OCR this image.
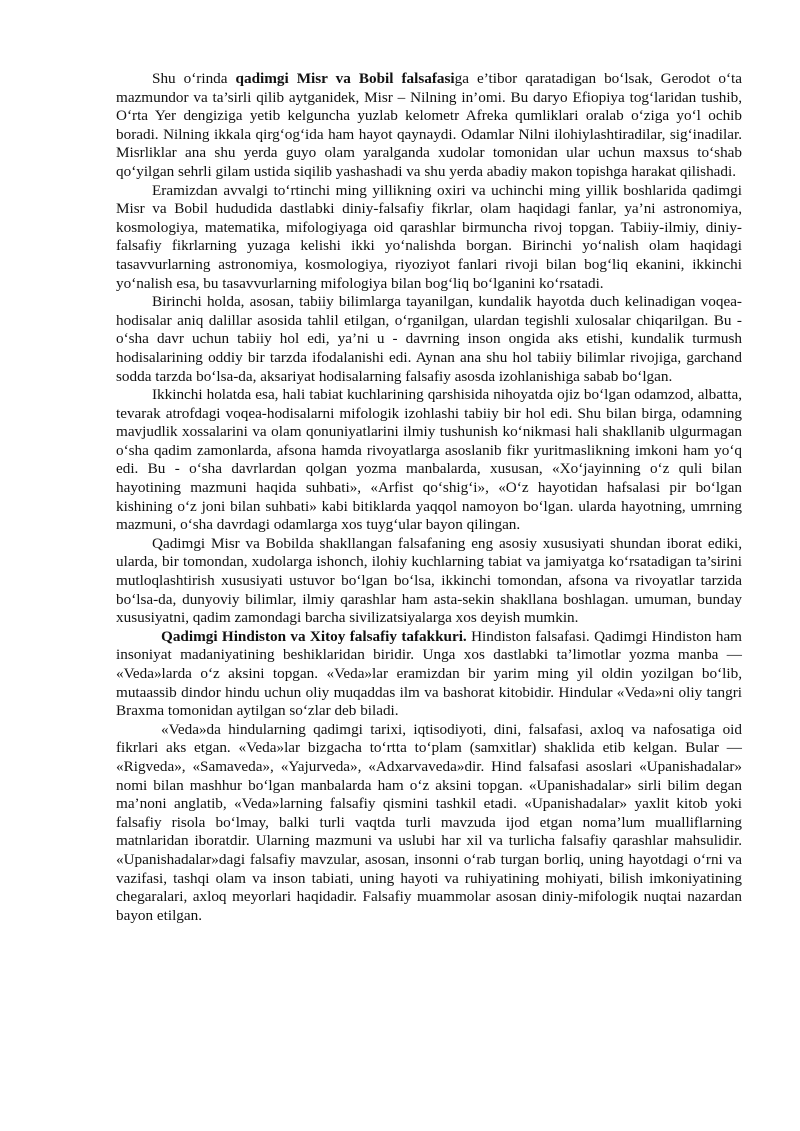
Shu o‘rinda qadimgi Misr va Bobil falsafasiga e’tibor qaratadigan bo‘lsak, Gerodot o‘ta mazmundor va ta’sirli qilib aytganidek, Misr – Nilning in’omi. Bu daryo Efiopiya tog‘laridan tushib, O‘rta Yer dengiziga yetib kelguncha yuzlab kelometr Afreka qumliklari oralab o‘ziga yo‘l ochib boradi. Nilning ikkala qirg‘og‘ida ham hayot qaynaydi. Odamlar Nilni ilohiylashtiradilar, sig‘inadilar. Misrliklar ana shu yerda guyo olam yaralganda xudolar tomonidan ular uchun maxsus to‘shab qo‘yilgan sehrli gilam ustida siqilib yashashadi va shu yerda abadiy makon topishga harakat qilishadi.

Eramizdan avvalgi to‘rtinchi ming yillikning oxiri va uchinchi ming yillik boshlarida qadimgi Misr va Bobil hududida dastlabki diniy-falsafiy fikrlar, olam haqidagi fanlar, ya’ni astronomiya, kosmologiya, matematika, mifologiyaga oid qarashlar birmuncha rivoj topgan. Tabiiy-ilmiy, diniy-falsafiy fikrlarning yuzaga kelishi ikki yo‘nalishda borgan. Birinchi yo‘nalish olam haqidagi tasavvurlarning astronomiya, kosmologiya, riyoziyot fanlari rivoji bilan bog‘liq ekanini, ikkinchi yo‘nalish esa, bu tasavvurlarning mifologiya bilan bog‘liq bo‘lganini ko‘rsatadi.

Birinchi holda, asosan, tabiiy bilimlarga tayanilgan, kundalik hayotda duch kelinadigan voqea-hodisalar aniq dalillar asosida tahlil etilgan, o‘rganilgan, ulardan tegishli xulosalar chiqarilgan. Bu - o‘sha davr uchun tabiiy hol edi, ya’ni u - davrning inson ongida aks etishi, kundalik turmush hodisalarining oddiy bir tarzda ifodalanishi edi. Aynan ana shu hol tabiiy bilimlar rivojiga, garchand sodda tarzda bo‘lsa-da, aksariyat hodisalarning falsafiy asosda izohlanishiga sabab bo‘lgan.

Ikkinchi holatda esa, hali tabiat kuchlarining qarshisida nihoyatda ojiz bo‘lgan odamzod, albatta, tevarak atrofdagi voqea-hodisalarni mifologik izohlashi tabiiy bir hol edi. Shu bilan birga, odamning mavjudlik xossalarini va olam qonuniyatlarini ilmiy tushunish ko‘nikmasi hali shakllanib ulgurmagan o‘sha qadim zamonlarda, afsona hamda rivoyatlarga asoslanib fikr yuritmaslikning imkoni ham yo‘q edi. Bu - o‘sha davrlardan qolgan yozma manbalarda, xususan, «Xo‘jayinning o‘z quli bilan hayotining mazmuni haqida suhbati», «Arfist qo‘shig‘i», «O‘z hayotidan hafsalasi pir bo‘lgan kishining o‘z joni bilan suhbati» kabi bitiklarda yaqqol namoyon bo‘lgan. ularda hayotning, umrning mazmuni, o‘sha davrdagi odamlarga xos tuyg‘ular bayon qilingan.

Qadimgi Misr va Bobilda shakllangan falsafaning eng asosiy xususiyati shundan iborat ediki, ularda, bir tomondan, xudolarga ishonch, ilohiy kuchlarning tabiat va jamiyatga ko‘rsatadigan ta’sirini mutloqlashtirish xususiyati ustuvor bo‘lgan bo‘lsa, ikkinchi tomondan, afsona va rivoyatlar tarzida bo‘lsa-da, dunyoviy bilimlar, ilmiy qarashlar ham asta-sekin shakllana boshlagan. umuman, bunday xususiyatni, qadim zamondagi barcha sivilizatsiyalarga xos deyish mumkin.

Qadimgi Hindiston va Xitoy falsafiy tafakkuri. Hindiston falsafasi. Qadimgi Hindiston ham insoniyat madaniyatining beshiklaridan biridir. Unga xos dastlabki ta’limotlar yozma manba — «Veda»larda o‘z aksini topgan. «Veda»lar eramizdan bir yarim ming yil oldin yozilgan bo‘lib, mutaassib dindor hindu uchun oliy muqaddas ilm va bashorat kitobidir. Hindular «Veda»ni oliy tangri Braxma tomonidan aytilgan so‘zlar deb biladi.

«Veda»da hindularning qadimgi tarixi, iqtisodiyoti, dini, falsafasi, axloq va nafosatiga oid fikrlari aks etgan. «Veda»lar bizgacha to‘rtta to‘plam (samxitlar) shaklida etib kelgan. Bular — «Rigveda», «Samaveda», «Yajurveda», «Adxarvaveda»dir. Hind falsafasi asoslari «Upanishadalar» nomi bilan mashhur bo‘lgan manbalarda ham o‘z aksini topgan. «Upanishadalar» sirli bilim degan ma’noni anglatib, «Veda»larning falsafiy qismini tashkil etadi. «Upanishadalar» yaxlit kitob yoki falsafiy risola bo‘lmay, balki turli vaqtda turli mavzuda ijod etgan noma’lum mualliflarning matnlaridan iboratdir. Ularning mazmuni va uslubi har xil va turlicha falsafiy qarashlar mahsulidir. «Upanishadalar»dagi falsafiy mavzular, asosan, insonni o‘rab turgan borliq, uning hayotdagi o‘rni va vazifasi, tashqi olam va inson tabiati, uning hayoti va ruhiyatining mohiyati, bilish imkoniyatining chegaralari, axloq meyorlari haqidadir. Falsafiy muammolar asosan diniy-mifologik nuqtai nazardan bayon etilgan.
